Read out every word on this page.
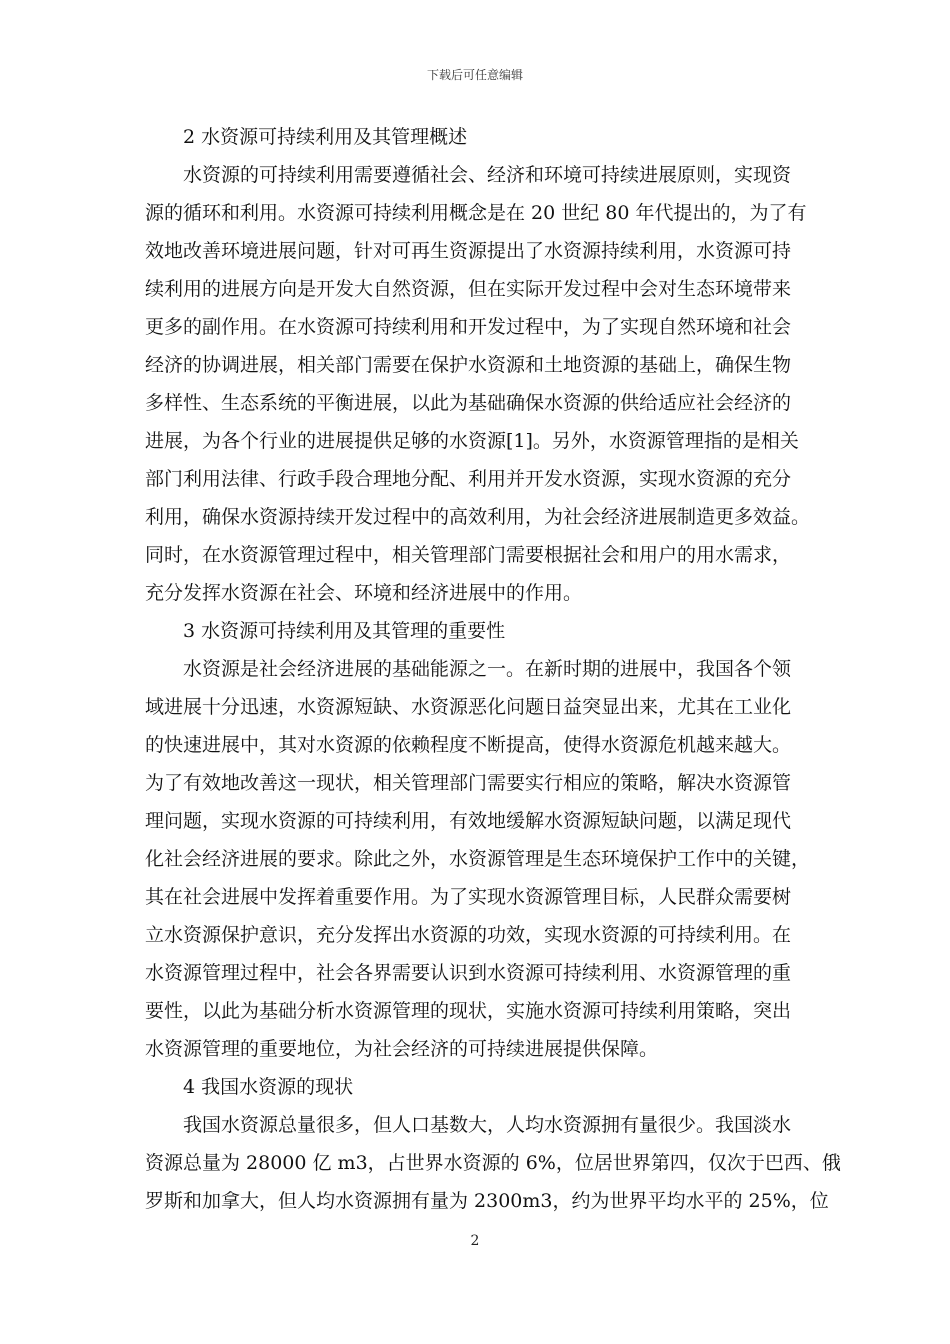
下载后可任意编辑

2 水资源可持续利用及其管理概述

水资源的可持续利用需要遵循社会、经济和环境可持续进展原则，实现资

源的循环和利用。水资源可持续利用概念是在 20 世纪 80 年代提出的，为了有

效地改善环境进展问题，针对可再生资源提出了水资源持续利用，水资源可持

续利用的进展方向是开发大自然资源，但在实际开发过程中会对生态环境带来

更多的副作用。在水资源可持续利用和开发过程中，为了实现自然环境和社会

经济的协调进展，相关部门需要在保护水资源和土地资源的基础上，确保生物

多样性、生态系统的平衡进展，以此为基础确保水资源的供给适应社会经济的

进展，为各个行业的进展提供足够的水资源[1]。另外，水资源管理指的是相关

部门利用法律、行政手段合理地分配、利用并开发水资源，实现水资源的充分

利用，确保水资源持续开发过程中的高效利用，为社会经济进展制造更多效益。

同时，在水资源管理过程中，相关管理部门需要根据社会和用户的用水需求，

充分发挥水资源在社会、环境和经济进展中的作用。

3 水资源可持续利用及其管理的重要性

水资源是社会经济进展的基础能源之一。在新时期的进展中，我国各个领

域进展十分迅速，水资源短缺、水资源恶化问题日益突显出来，尤其在工业化

的快速进展中，其对水资源的依赖程度不断提高，使得水资源危机越来越大。

为了有效地改善这一现状，相关管理部门需要实行相应的策略，解决水资源管

理问题，实现水资源的可持续利用，有效地缓解水资源短缺问题，以满足现代

化社会经济进展的要求。除此之外，水资源管理是生态环境保护工作中的关键，

其在社会进展中发挥着重要作用。为了实现水资源管理目标，人民群众需要树

立水资源保护意识，充分发挥出水资源的功效，实现水资源的可持续利用。在

水资源管理过程中，社会各界需要认识到水资源可持续利用、水资源管理的重

要性，以此为基础分析水资源管理的现状，实施水资源可持续利用策略，突出

水资源管理的重要地位，为社会经济的可持续进展提供保障。

4 我国水资源的现状

我国水资源总量很多，但人口基数大，人均水资源拥有量很少。我国淡水

资源总量为 28000 亿 m3，占世界水资源的 6%，位居世界第四，仅次于巴西、俄

罗斯和加拿大，但人均水资源拥有量为 2300m3，约为世界平均水平的 25%，位

2
